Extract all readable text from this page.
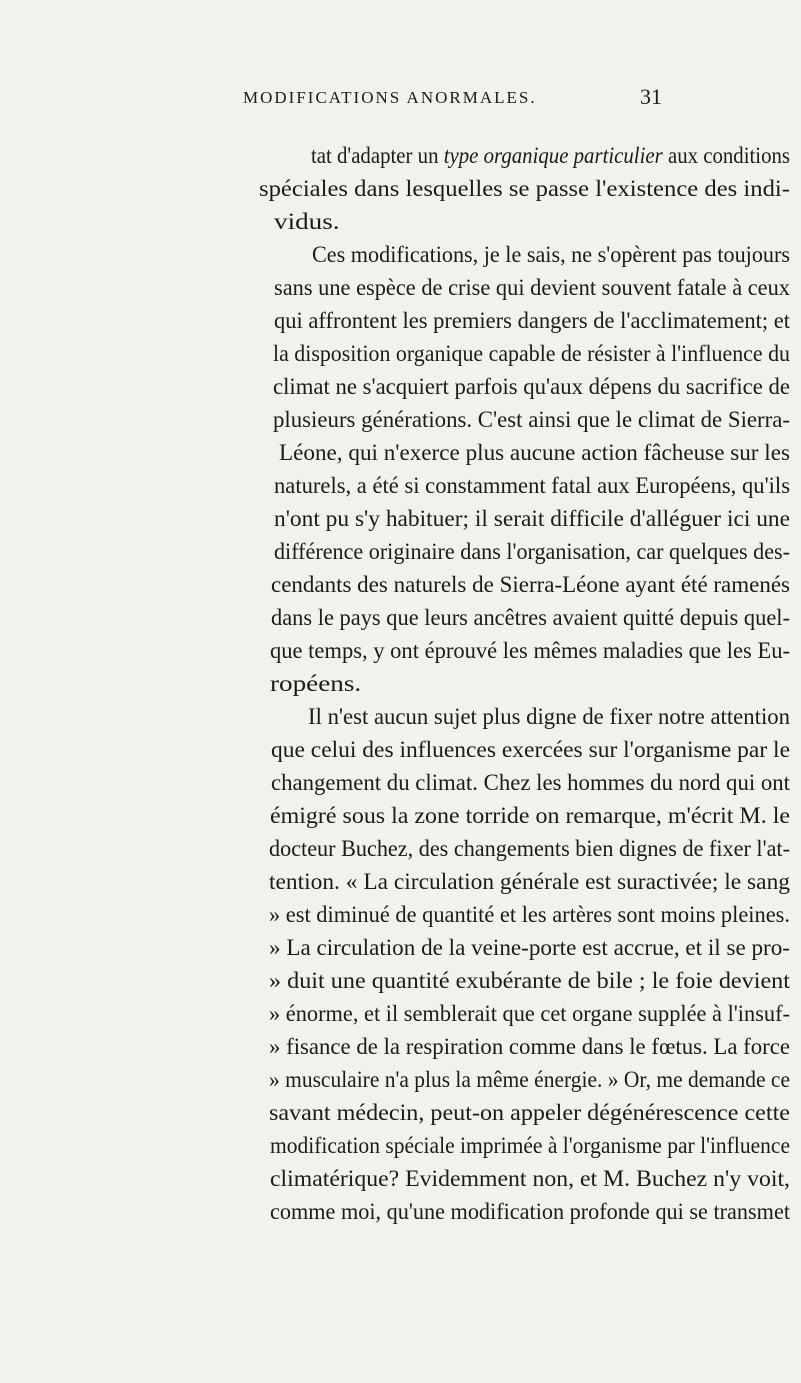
MODIFICATIONS ANORMALES.	31
tat d'adapter un type organique particulier aux conditions
spéciales dans lesquelles se passe l'existence des indi-
vidus.
Ces modifications, je le sais, ne s'opèrent pas toujours
sans une espèce de crise qui devient souvent fatale à ceux
qui affrontent les premiers dangers de l'acclimatement; et
la disposition organique capable de résister à l'influence du
climat ne s'acquiert parfois qu'aux dépens du sacrifice de
plusieurs générations. C'est ainsi que le climat de Sierra-
Léone, qui n'exerce plus aucune action fâcheuse sur les
naturels, a été si constamment fatal aux Européens, qu'ils
n'ont pu s'y habituer; il serait difficile d'alléguer ici une
différence originaire dans l'organisation, car quelques des-
cendants des naturels de Sierra-Léone ayant été ramenés
dans le pays que leurs ancêtres avaient quitté depuis quel-
que temps, y ont éprouvé les mêmes maladies que les Eu-
ropéens.
Il n'est aucun sujet plus digne de fixer notre attention
que celui des influences exercées sur l'organisme par le
changement du climat. Chez les hommes du nord qui ont
émigré sous la zone torride on remarque, m'écrit M. le
docteur Buchez, des changements bien dignes de fixer l'at-
tention. « La circulation générale est suractivée; le sang
» est diminué de quantité et les artères sont moins pleines.
» La circulation de la veine-porte est accrue, et il se pro-
» duit une quantité exubérante de bile ; le foie devient
» énorme, et il semblerait que cet organe supplée à l'insuf-
» fisance de la respiration comme dans le fœtus. La force
» musculaire n'a plus la même énergie. » Or, me demande ce
savant médecin, peut-on appeler dégénérescence cette
modification spéciale imprimée à l'organisme par l'influence
climatérique? Evidemment non, et M. Buchez n'y voit,
comme moi, qu'une modification profonde qui se transmet
